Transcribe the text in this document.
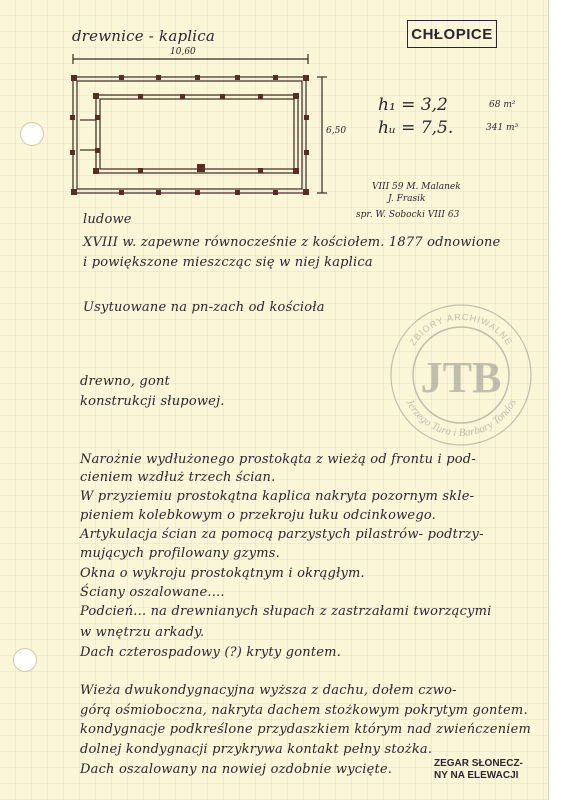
drewnice - kaplica	CHŁOPICE
10,60
6,50
h₁ = 3,2	68 m²
hᵤ = 7,5.	341 m³
VIII 59 M. Malanek
J. Frasik
spr. W. Sobocki VIII 63
ludowe
XVIII w. zapewne równocześnie z kościołem. 1877 odnowione
i powiększone mieszcząc się w niej kaplica
Usytuowane na pn-zach od kościoła
drewno, gont
konstrukcji słupowej.
Narożnie wydłużonego prostokąta z wieżą od frontu i pod-
cieniem wzdłuż trzech ścian.
W przyziemiu prostokątna kaplica nakryta pozornym skle-
pieniem kolebkowym o przekroju łuku odcinkowego.
Artykulacja ścian za pomocą parzystych pilastrów- podtrzy-
mujących profilowany gzyms.
Okna o wykroju prostokątnym i okrągłym.
Ściany oszalowane....
Podcień... na drewnianych słupach z zastrzałami tworzącymi
w wnętrzu arkady.
Dach czterospadowy (?) kryty gontem.
Wieża dwukondygnacyjna wyższa z dachu, dołem czwo-
górą ośmioboczna, nakryta dachem stożkowym pokrytym gontem.
kondygnacje podkreślone przydaszkiem którym nad zwieńczeniem
dolnej kondygnacji przykrywa kontakt pełny stożka.
Dach oszalowany na nowiej ozdobnie wycięte.	ZEGAR SŁONECZ-
NY NA ELEWACJI
ZBIORY ARCHIWALNE
Jerzego Tura i Barbary Tondos
JTB
